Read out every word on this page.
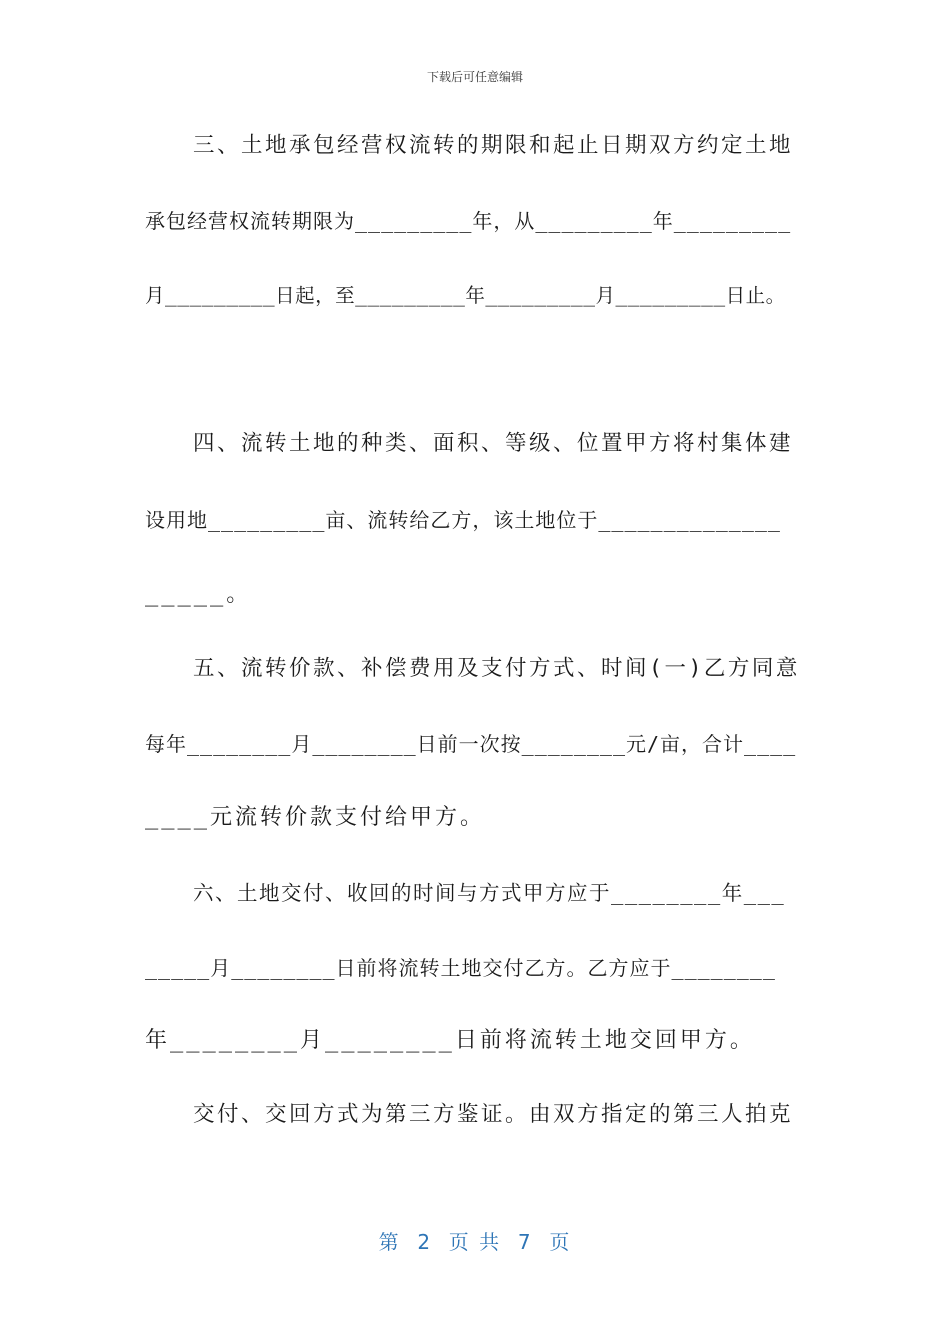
下载后可任意编辑
三、土地承包经营权流转的期限和起止日期双方约定土地
承包经营权流转期限为_________年，从_________年_________
月_________日起，至_________年_________月_________日止。
四、流转土地的种类、面积、等级、位置甲方将村集体建
设用地_________亩、流转给乙方，该土地位于______________
_____。
五、流转价款、补偿费用及支付方式、时间(一)乙方同意
每年________月________日前一次按________元/亩，合计____
____元流转价款支付给甲方。
六、土地交付、收回的时间与方式甲方应于________年___
_____月________日前将流转土地交付乙方。乙方应于________
年________月________日前将流转土地交回甲方。
交付、交回方式为第三方鉴证。由双方指定的第三人拍克
第  2  页 共  7  页
